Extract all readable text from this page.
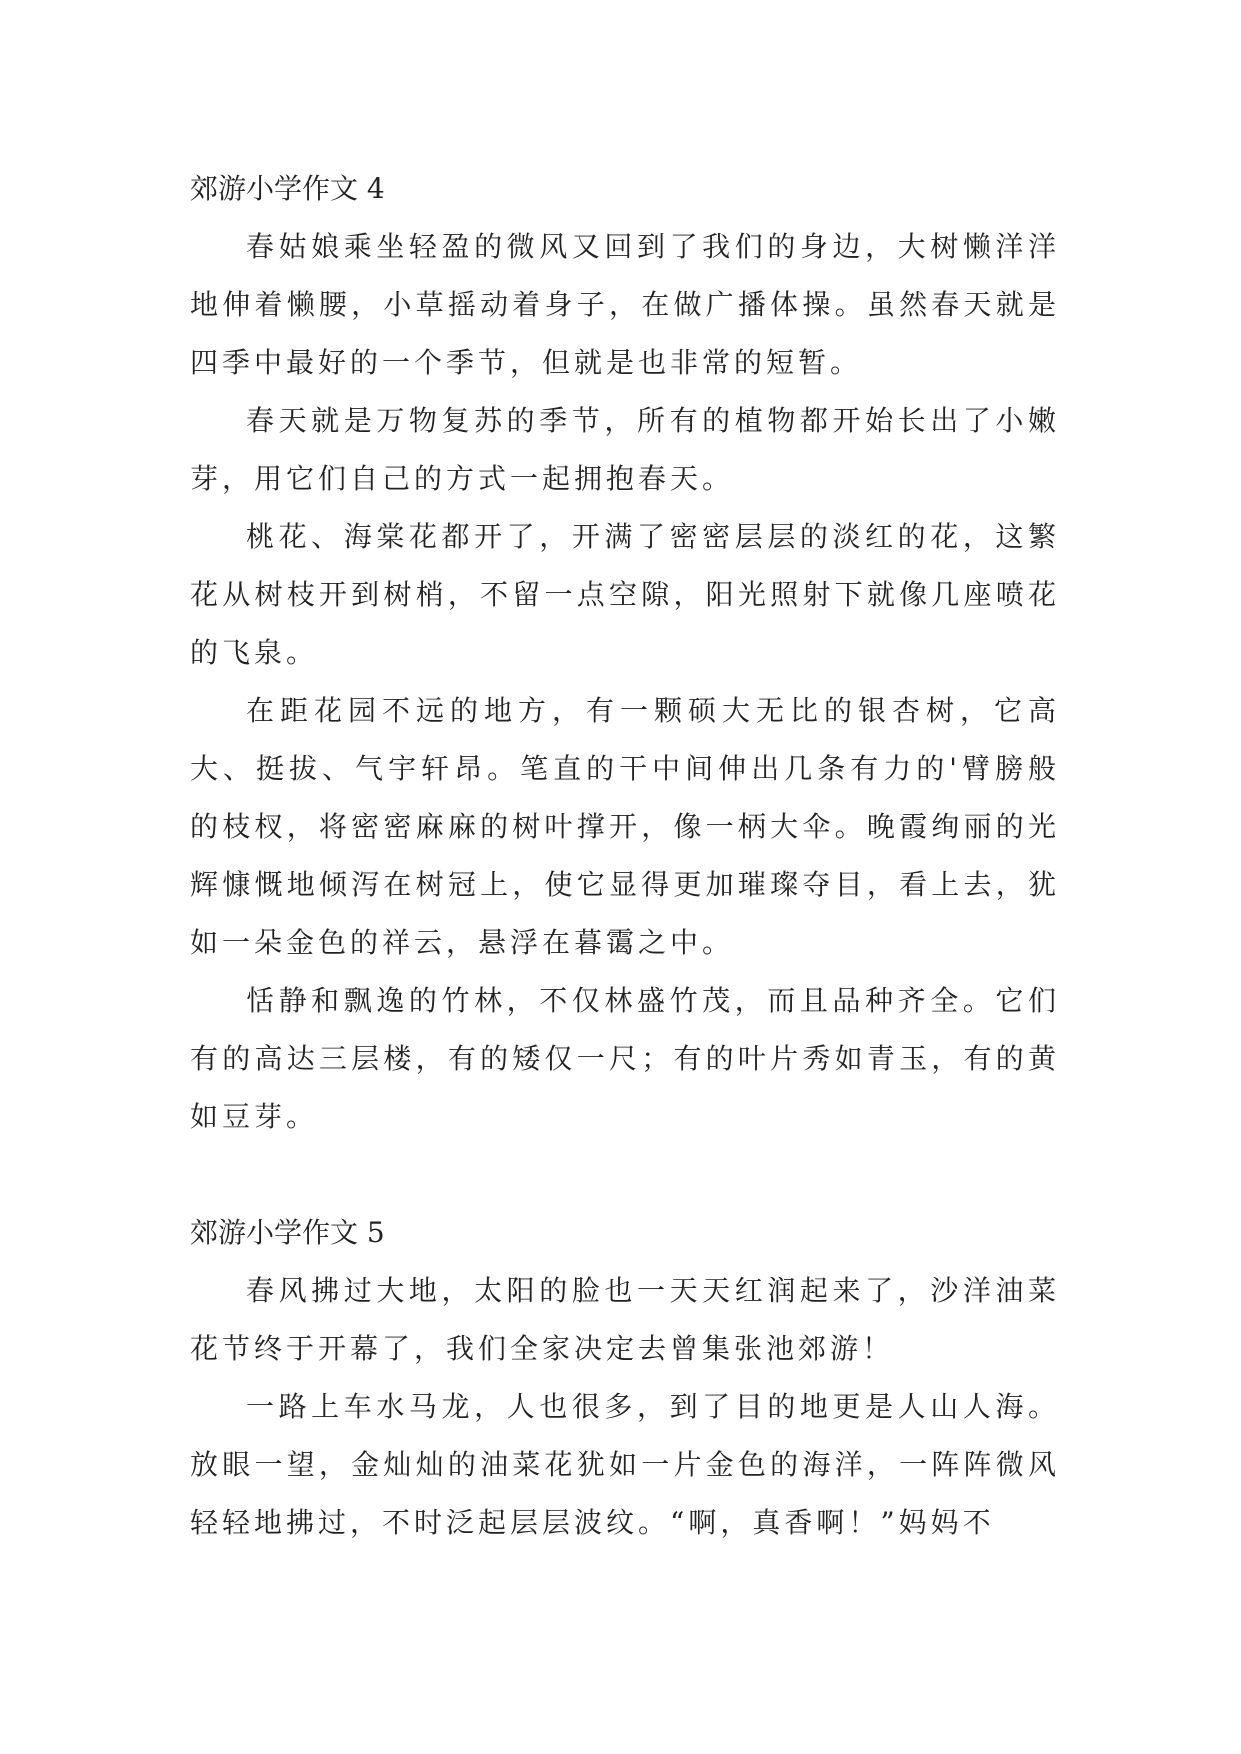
郊游小学作文 4

春姑娘乘坐轻盈的微风又回到了我们的身边，大树懒洋洋地伸着懒腰，小草摇动着身子，在做广播体操。虽然春天就是四季中最好的一个季节，但就是也非常的短暂。

春天就是万物复苏的季节，所有的植物都开始长出了小嫩芽，用它们自己的方式一起拥抱春天。

桃花、海棠花都开了，开满了密密层层的淡红的花，这繁花从树枝开到树梢，不留一点空隙，阳光照射下就像几座喷花的飞泉。

在距花园不远的地方，有一颗硕大无比的银杏树，它高大、挺拔、气宇轩昂。笔直的干中间伸出几条有力的'臂膀般的枝杈，将密密麻麻的树叶撑开，像一柄大伞。晚霞绚丽的光辉慷慨地倾泻在树冠上，使它显得更加璀璨夺目，看上去，犹如一朵金色的祥云，悬浮在暮霭之中。

恬静和飘逸的竹林，不仅林盛竹茂，而且品种齐全。它们有的高达三层楼，有的矮仅一尺；有的叶片秀如青玉，有的黄如豆芽。

郊游小学作文 5

春风拂过大地，太阳的脸也一天天红润起来了，沙洋油菜花节终于开幕了，我们全家决定去曾集张池郊游！

一路上车水马龙，人也很多，到了目的地更是人山人海。放眼一望，金灿灿的油菜花犹如一片金色的海洋，一阵阵微风轻轻地拂过，不时泛起层层波纹。“啊，真香啊！”妈妈不
